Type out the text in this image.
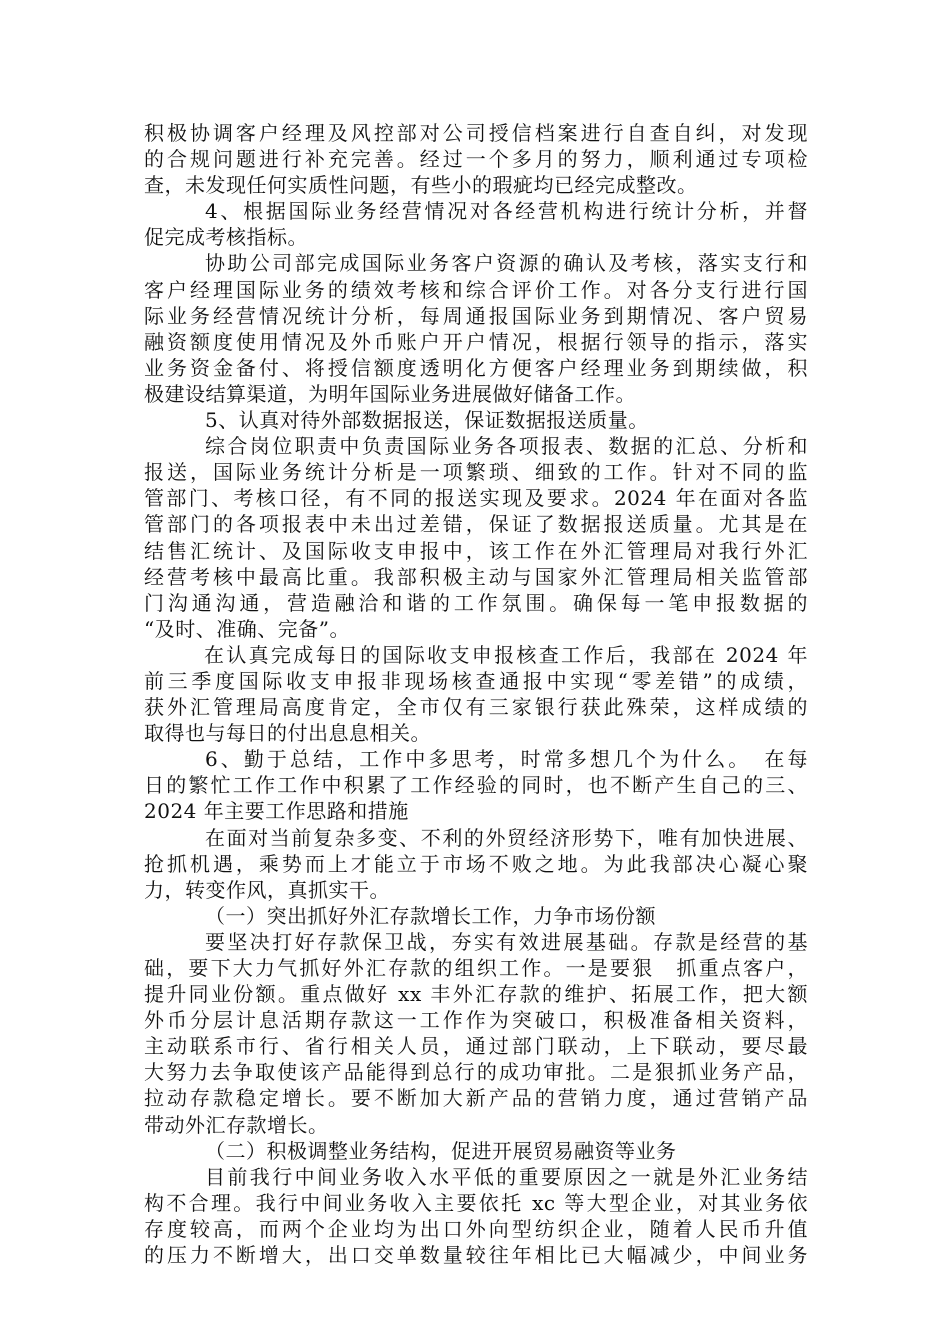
积极协调客户经理及风控部对公司授信档案进行自查自纠，对发现
的合规问题进行补充完善。经过一个多月的努力，顺利通过专项检
查，未发现任何实质性问题，有些小的瑕疵均已经完成整改。
4、根据国际业务经营情况对各经营机构进行统计分析，并督
促完成考核指标。
协助公司部完成国际业务客户资源的确认及考核，落实支行和
客户经理国际业务的绩效考核和综合评价工作。对各分支行进行国
际业务经营情况统计分析，每周通报国际业务到期情况、客户贸易
融资额度使用情况及外币账户开户情况，根据行领导的指示，落实
业务资金备付、将授信额度透明化方便客户经理业务到期续做，积
极建设结算渠道，为明年国际业务进展做好储备工作。
5、认真对待外部数据报送，保证数据报送质量。
综合岗位职责中负责国际业务各项报表、数据的汇总、分析和
报送，国际业务统计分析是一项繁琐、细致的工作。针对不同的监
管部门、考核口径，有不同的报送实现及要求。2024 年在面对各监
管部门的各项报表中未出过差错，保证了数据报送质量。尤其是在
结售汇统计、及国际收支申报中，该工作在外汇管理局对我行外汇
经营考核中最高比重。我部积极主动与国家外汇管理局相关监管部
门沟通沟通，营造融洽和谐的工作氛围。确保每一笔申报数据的
“及时、准确、完备”。
在认真完成每日的国际收支申报核查工作后，我部在 2024 年
前三季度国际收支申报非现场核查通报中实现“零差错”的成绩，
获外汇管理局高度肯定，全市仅有三家银行获此殊荣，这样成绩的
取得也与每日的付出息息相关。
6、勤于总结，工作中多思考，时常多想几个为什么。　在每
日的繁忙工作工作中积累了工作经验的同时，也不断产生自己的三、
2024 年主要工作思路和措施
在面对当前复杂多变、不利的外贸经济形势下，唯有加快进展、
抢抓机遇，乘势而上才能立于市场不败之地。为此我部决心凝心聚
力，转变作风，真抓实干。
（一）突出抓好外汇存款增长工作，力争市场份额
要坚决打好存款保卫战，夯实有效进展基础。存款是经营的基
础，要下大力气抓好外汇存款的组织工作。一是要狠　抓重点客户，
提升同业份额。重点做好 xx 丰外汇存款的维护、拓展工作，把大额
外币分层计息活期存款这一工作作为突破口，积极准备相关资料，
主动联系市行、省行相关人员，通过部门联动，上下联动，要尽最
大努力去争取使该产品能得到总行的成功审批。二是狠抓业务产品，
拉动存款稳定增长。要不断加大新产品的营销力度，通过营销产品
带动外汇存款增长。
（二）积极调整业务结构，促进开展贸易融资等业务
目前我行中间业务收入水平低的重要原因之一就是外汇业务结
构不合理。我行中间业务收入主要依托 xc 等大型企业，对其业务依
存度较高，而两个企业均为出口外向型纺织企业，随着人民币升值
的压力不断增大，出口交单数量较往年相比已大幅减少，中间业务
